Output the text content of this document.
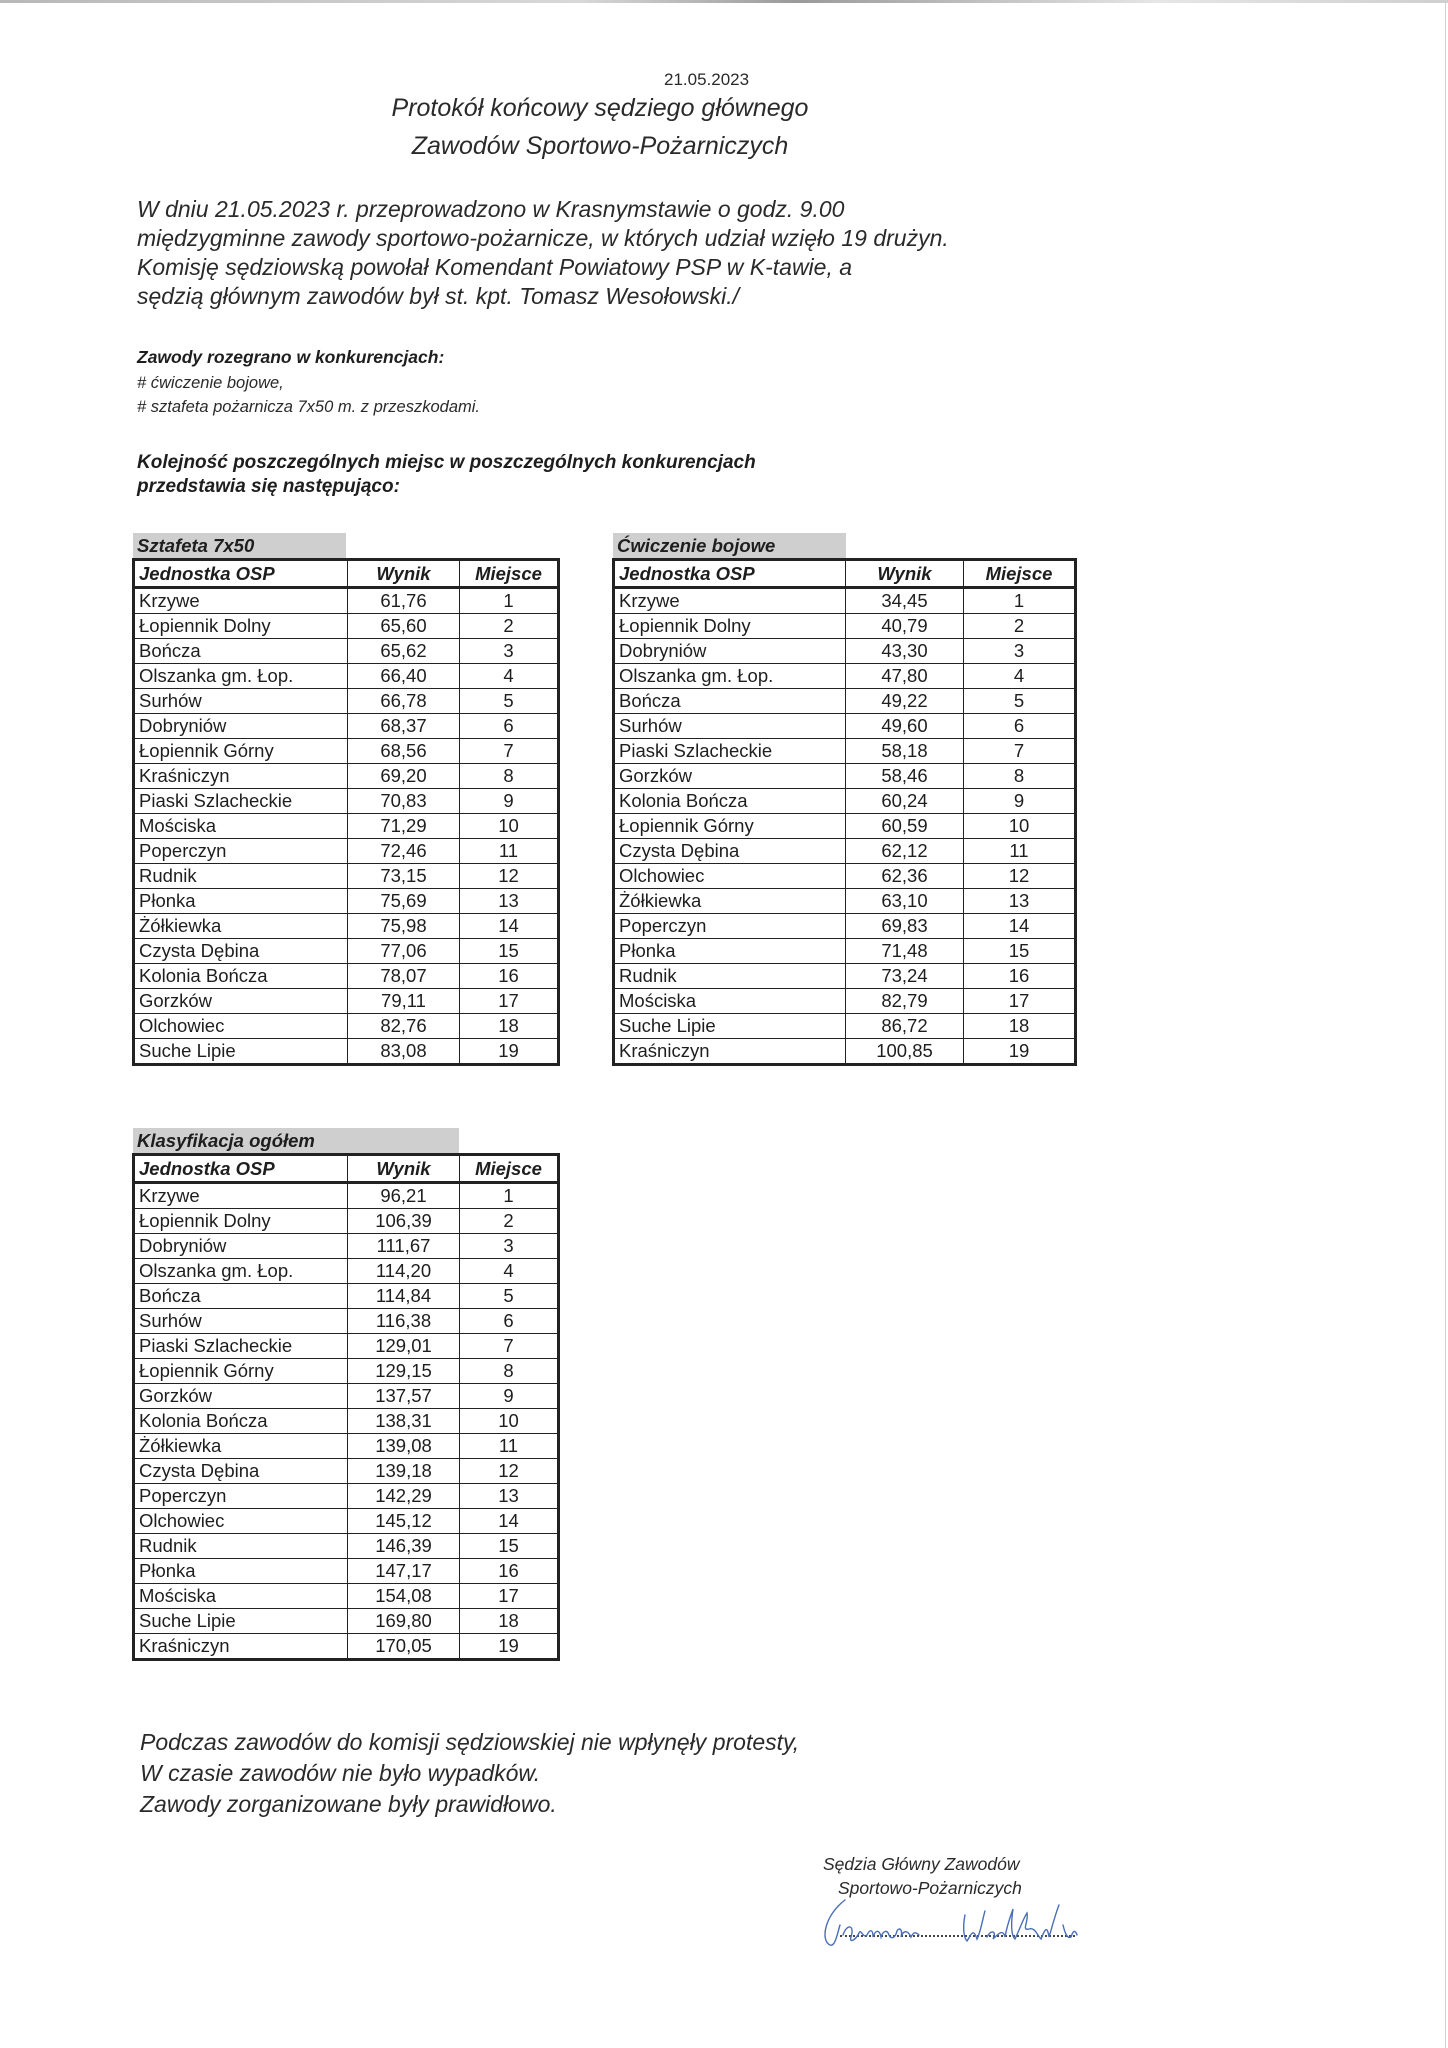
21.05.2023
Protokół końcowy sędziego głównego
Zawodów Sportowo-Pożarniczych
W dniu 21.05.2023 r. przeprowadzono w Krasnymstawie o godz. 9.00
międzygminne zawody sportowo-pożarnicze, w których udział wzięło 19 drużyn.
Komisję sędziowską powołał Komendant Powiatowy PSP w K-tawie, a
sędzią głównym zawodów był st. kpt. Tomasz Wesołowski./
Zawody rozegrano w konkurencjach:
# ćwiczenie bojowe,
# sztafeta pożarnicza 7x50 m. z przeszkodami.
Kolejność poszczególnych miejsc w poszczególnych konkurencjach
przedstawia się następująco:
Sztafeta 7x50
Jednostka OSP	Wynik	Miejsce
Krzywe	61,76	1
Łopiennik Dolny	65,60	2
Bończa	65,62	3
Olszanka gm. Łop.	66,40	4
Surhów	66,78	5
Dobryniów	68,37	6
Łopiennik Górny	68,56	7
Kraśniczyn	69,20	8
Piaski Szlacheckie	70,83	9
Mościska	71,29	10
Poperczyn	72,46	11
Rudnik	73,15	12
Płonka	75,69	13
Żółkiewka	75,98	14
Czysta Dębina	77,06	15
Kolonia Bończa	78,07	16
Gorzków	79,11	17
Olchowiec	82,76	18
Suche Lipie	83,08	19
Ćwiczenie bojowe
Jednostka OSP	Wynik	Miejsce
Krzywe	34,45	1
Łopiennik Dolny	40,79	2
Dobryniów	43,30	3
Olszanka gm. Łop.	47,80	4
Bończa	49,22	5
Surhów	49,60	6
Piaski Szlacheckie	58,18	7
Gorzków	58,46	8
Kolonia Bończa	60,24	9
Łopiennik Górny	60,59	10
Czysta Dębina	62,12	11
Olchowiec	62,36	12
Żółkiewka	63,10	13
Poperczyn	69,83	14
Płonka	71,48	15
Rudnik	73,24	16
Mościska	82,79	17
Suche Lipie	86,72	18
Kraśniczyn	100,85	19
Klasyfikacja ogółem
Jednostka OSP	Wynik	Miejsce
Krzywe	96,21	1
Łopiennik Dolny	106,39	2
Dobryniów	111,67	3
Olszanka gm. Łop.	114,20	4
Bończa	114,84	5
Surhów	116,38	6
Piaski Szlacheckie	129,01	7
Łopiennik Górny	129,15	8
Gorzków	137,57	9
Kolonia Bończa	138,31	10
Żółkiewka	139,08	11
Czysta Dębina	139,18	12
Poperczyn	142,29	13
Olchowiec	145,12	14
Rudnik	146,39	15
Płonka	147,17	16
Mościska	154,08	17
Suche Lipie	169,80	18
Kraśniczyn	170,05	19
Podczas zawodów do komisji sędziowskiej nie wpłynęły protesty,
W czasie zawodów nie było wypadków.
Zawody zorganizowane były prawidłowo.
Sędzia Główny Zawodów
Sportowo-Pożarniczych
